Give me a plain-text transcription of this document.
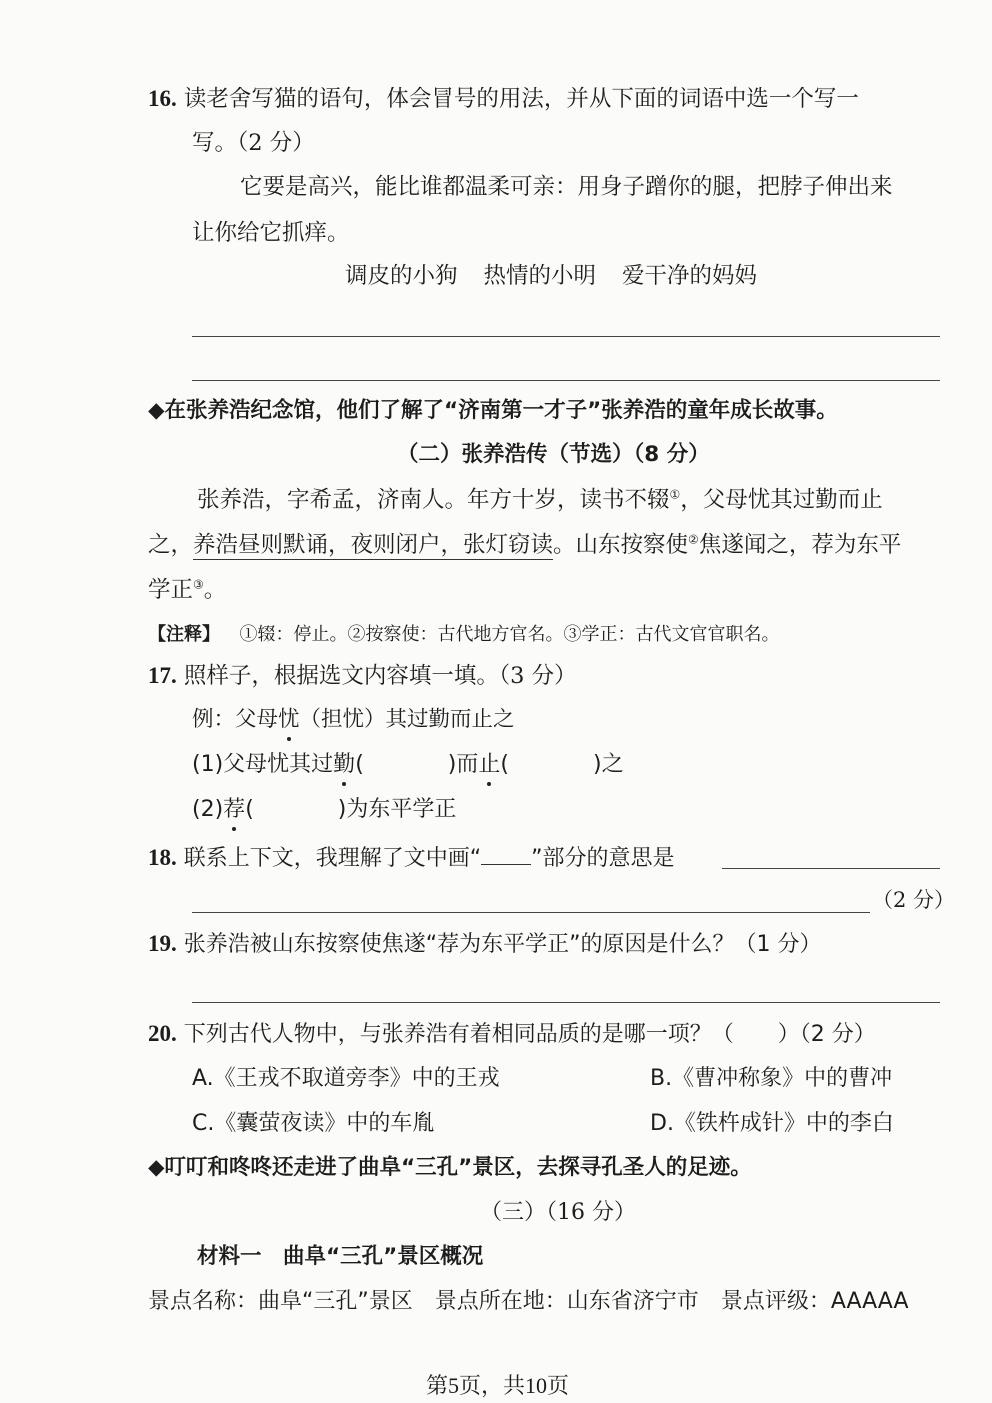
16. 读老舍写猫的语句，体会冒号的用法，并从下面的词语中选一个写一
写。（2 分）
它要是高兴，能比谁都温柔可亲：用身子蹭你的腿，把脖子伸出来
让你给它抓痒。
调皮的小狗 热情的小明 爱干净的妈妈
◆在张养浩纪念馆，他们了解了“济南第一才子”张养浩的童年成长故事。
（二）张养浩传（节选）（8 分）
张养浩，字希孟，济南人。年方十岁，读书不辍①，父母忧其过勤而止
之，养浩昼则默诵，夜则闭户，张灯窃读。山东按察使②焦遂闻之，荐为东平
学正③。
【注释】 ①辍：停止。②按察使：古代地方官名。③学正：古代文官官职名。
17. 照样子，根据选文内容填一填。（3 分）
例：父母忧（担忧）其过勤而止之
(1)父母忧其过勤(	)而止(	)之
(2)荐(	)为东平学正
18. 联系上下文，我理解了文中画“ ”部分的意思是
（2 分）
19. 张养浩被山东按察使焦遂“荐为东平学正”的原因是什么？（1 分）
20. 下列古代人物中，与张养浩有着相同品质的是哪一项？（　　）（2 分）
A.《王戎不取道旁李》中的王戎	B.《曹冲称象》中的曹冲
C.《囊萤夜读》中的车胤	D.《铁杵成针》中的李白
◆叮叮和咚咚还走进了曲阜“三孔”景区，去探寻孔圣人的足迹。
（三）（16 分）
材料一　曲阜“三孔”景区概况
景点名称：曲阜“三孔”景区 景点所在地：山东省济宁市 景点评级：AAAAA
第5页，共10页
